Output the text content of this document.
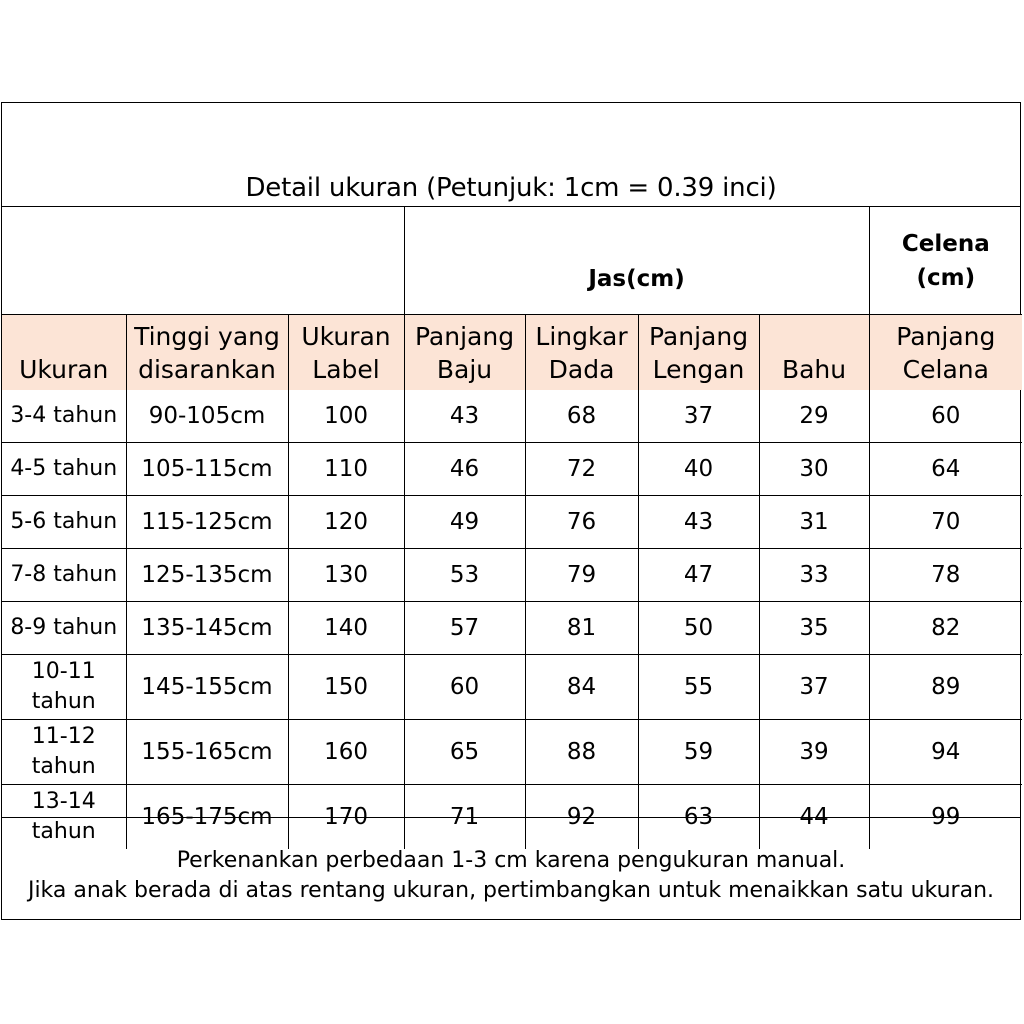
Detail ukuran (Petunjuk: 1cm = 0.39 inci)
			Jas(cm)				Celena (cm)
Ukuran	Tinggi yang disarankan	Ukuran Label	Panjang Baju	Lingkar Dada	Panjang Lengan	Bahu	Panjang Celana
3-4 tahun	90-105cm	100	43	68	37	29	60
4-5 tahun	105-115cm	110	46	72	40	30	64
5-6 tahun	115-125cm	120	49	76	43	31	70
7-8 tahun	125-135cm	130	53	79	47	33	78
8-9 tahun	135-145cm	140	57	81	50	35	82
10-11 tahun	145-155cm	150	60	84	55	37	89
11-12 tahun	155-165cm	160	65	88	59	39	94
13-14 tahun	165-175cm	170	71	92	63	44	99
Perkenankan perbedaan 1-3 cm karena pengukuran manual.
Jika anak berada di atas rentang ukuran, pertimbangkan untuk menaikkan satu ukuran.
